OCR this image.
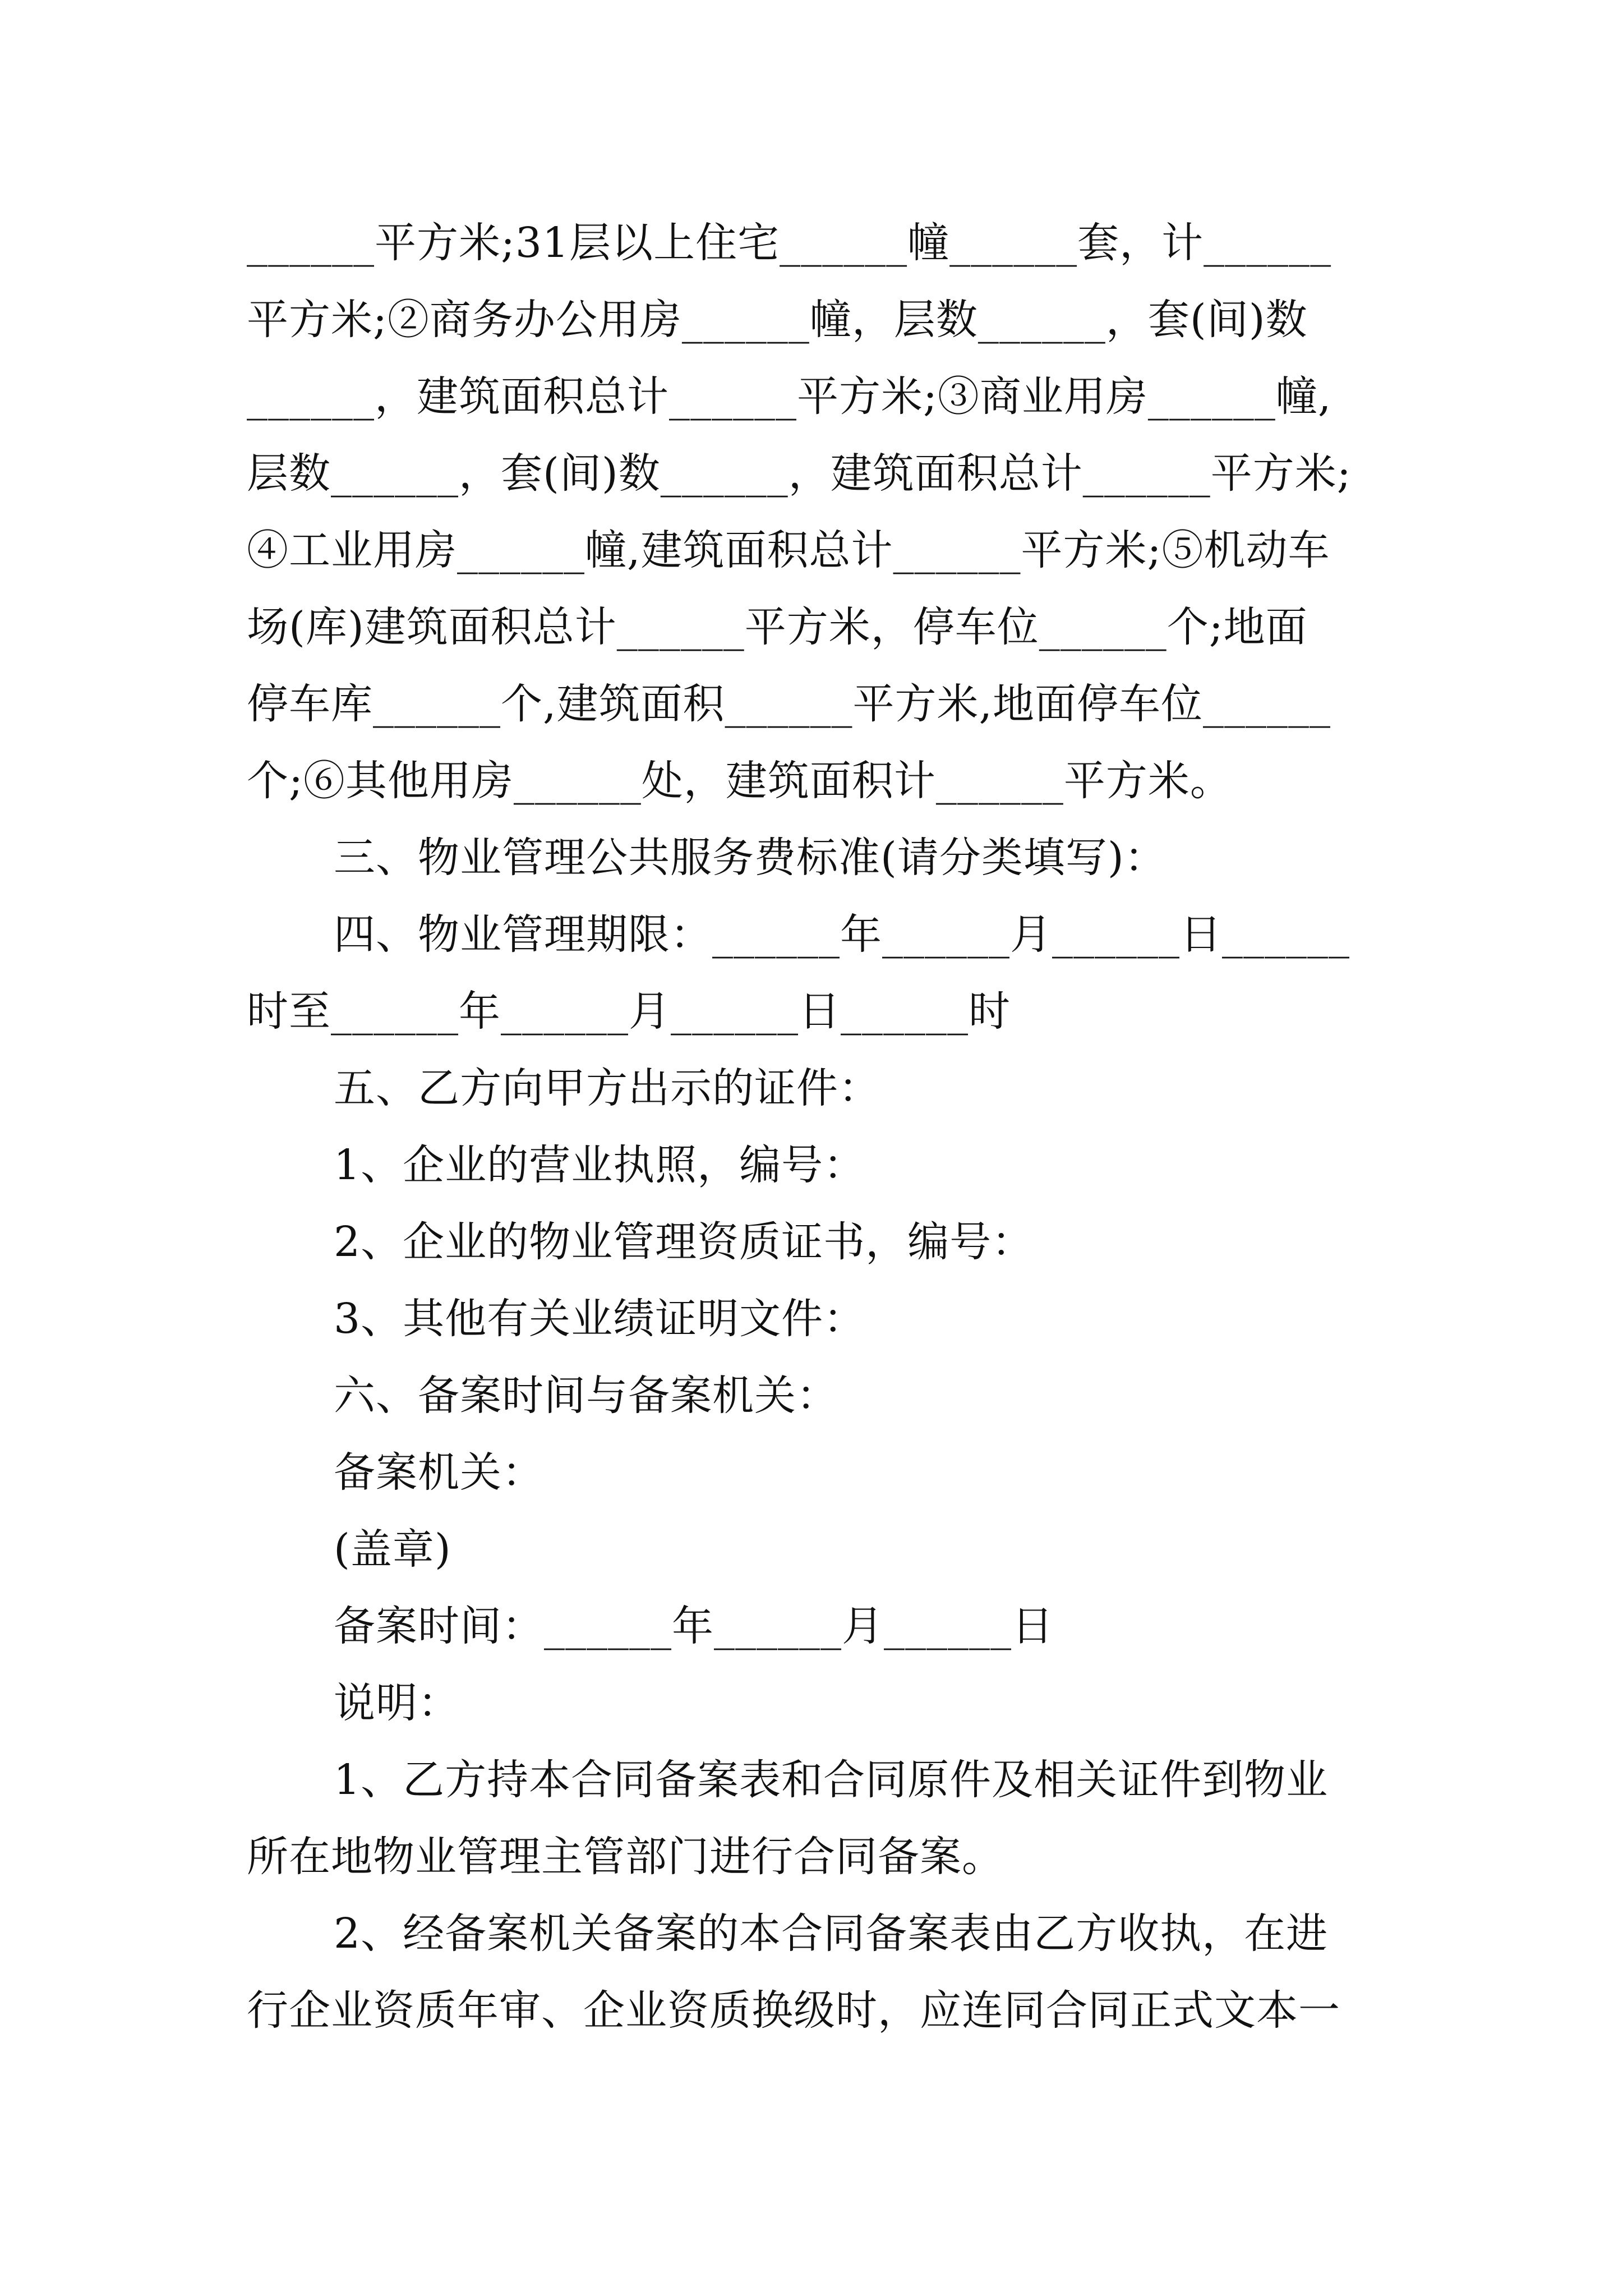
______平方米;31层以上住宅______幢______套，计______
平方米;②商务办公用房______幢，层数______，套(间)数
______，建筑面积总计______平方米;③商业用房______幢,
层数______，套(间)数______，建筑面积总计______平方米;
④工业用房______幢,建筑面积总计______平方米;⑤机动车
场(库)建筑面积总计______平方米，停车位______个;地面
停车库______个,建筑面积______平方米,地面停车位______
个;⑥其他用房______处，建筑面积计______平方米。
三、物业管理公共服务费标准(请分类填写)：
四、物业管理期限：______年______月______日______
时至______年______月______日______时
五、乙方向甲方出示的证件：
1、企业的营业执照，编号：
2、企业的物业管理资质证书，编号：
3、其他有关业绩证明文件：
六、备案时间与备案机关：
备案机关：
(盖章)
备案时间：______年______月______日
说明：
1、乙方持本合同备案表和合同原件及相关证件到物业
所在地物业管理主管部门进行合同备案。
2、经备案机关备案的本合同备案表由乙方收执，在进
行企业资质年审、企业资质换级时，应连同合同正式文本一
